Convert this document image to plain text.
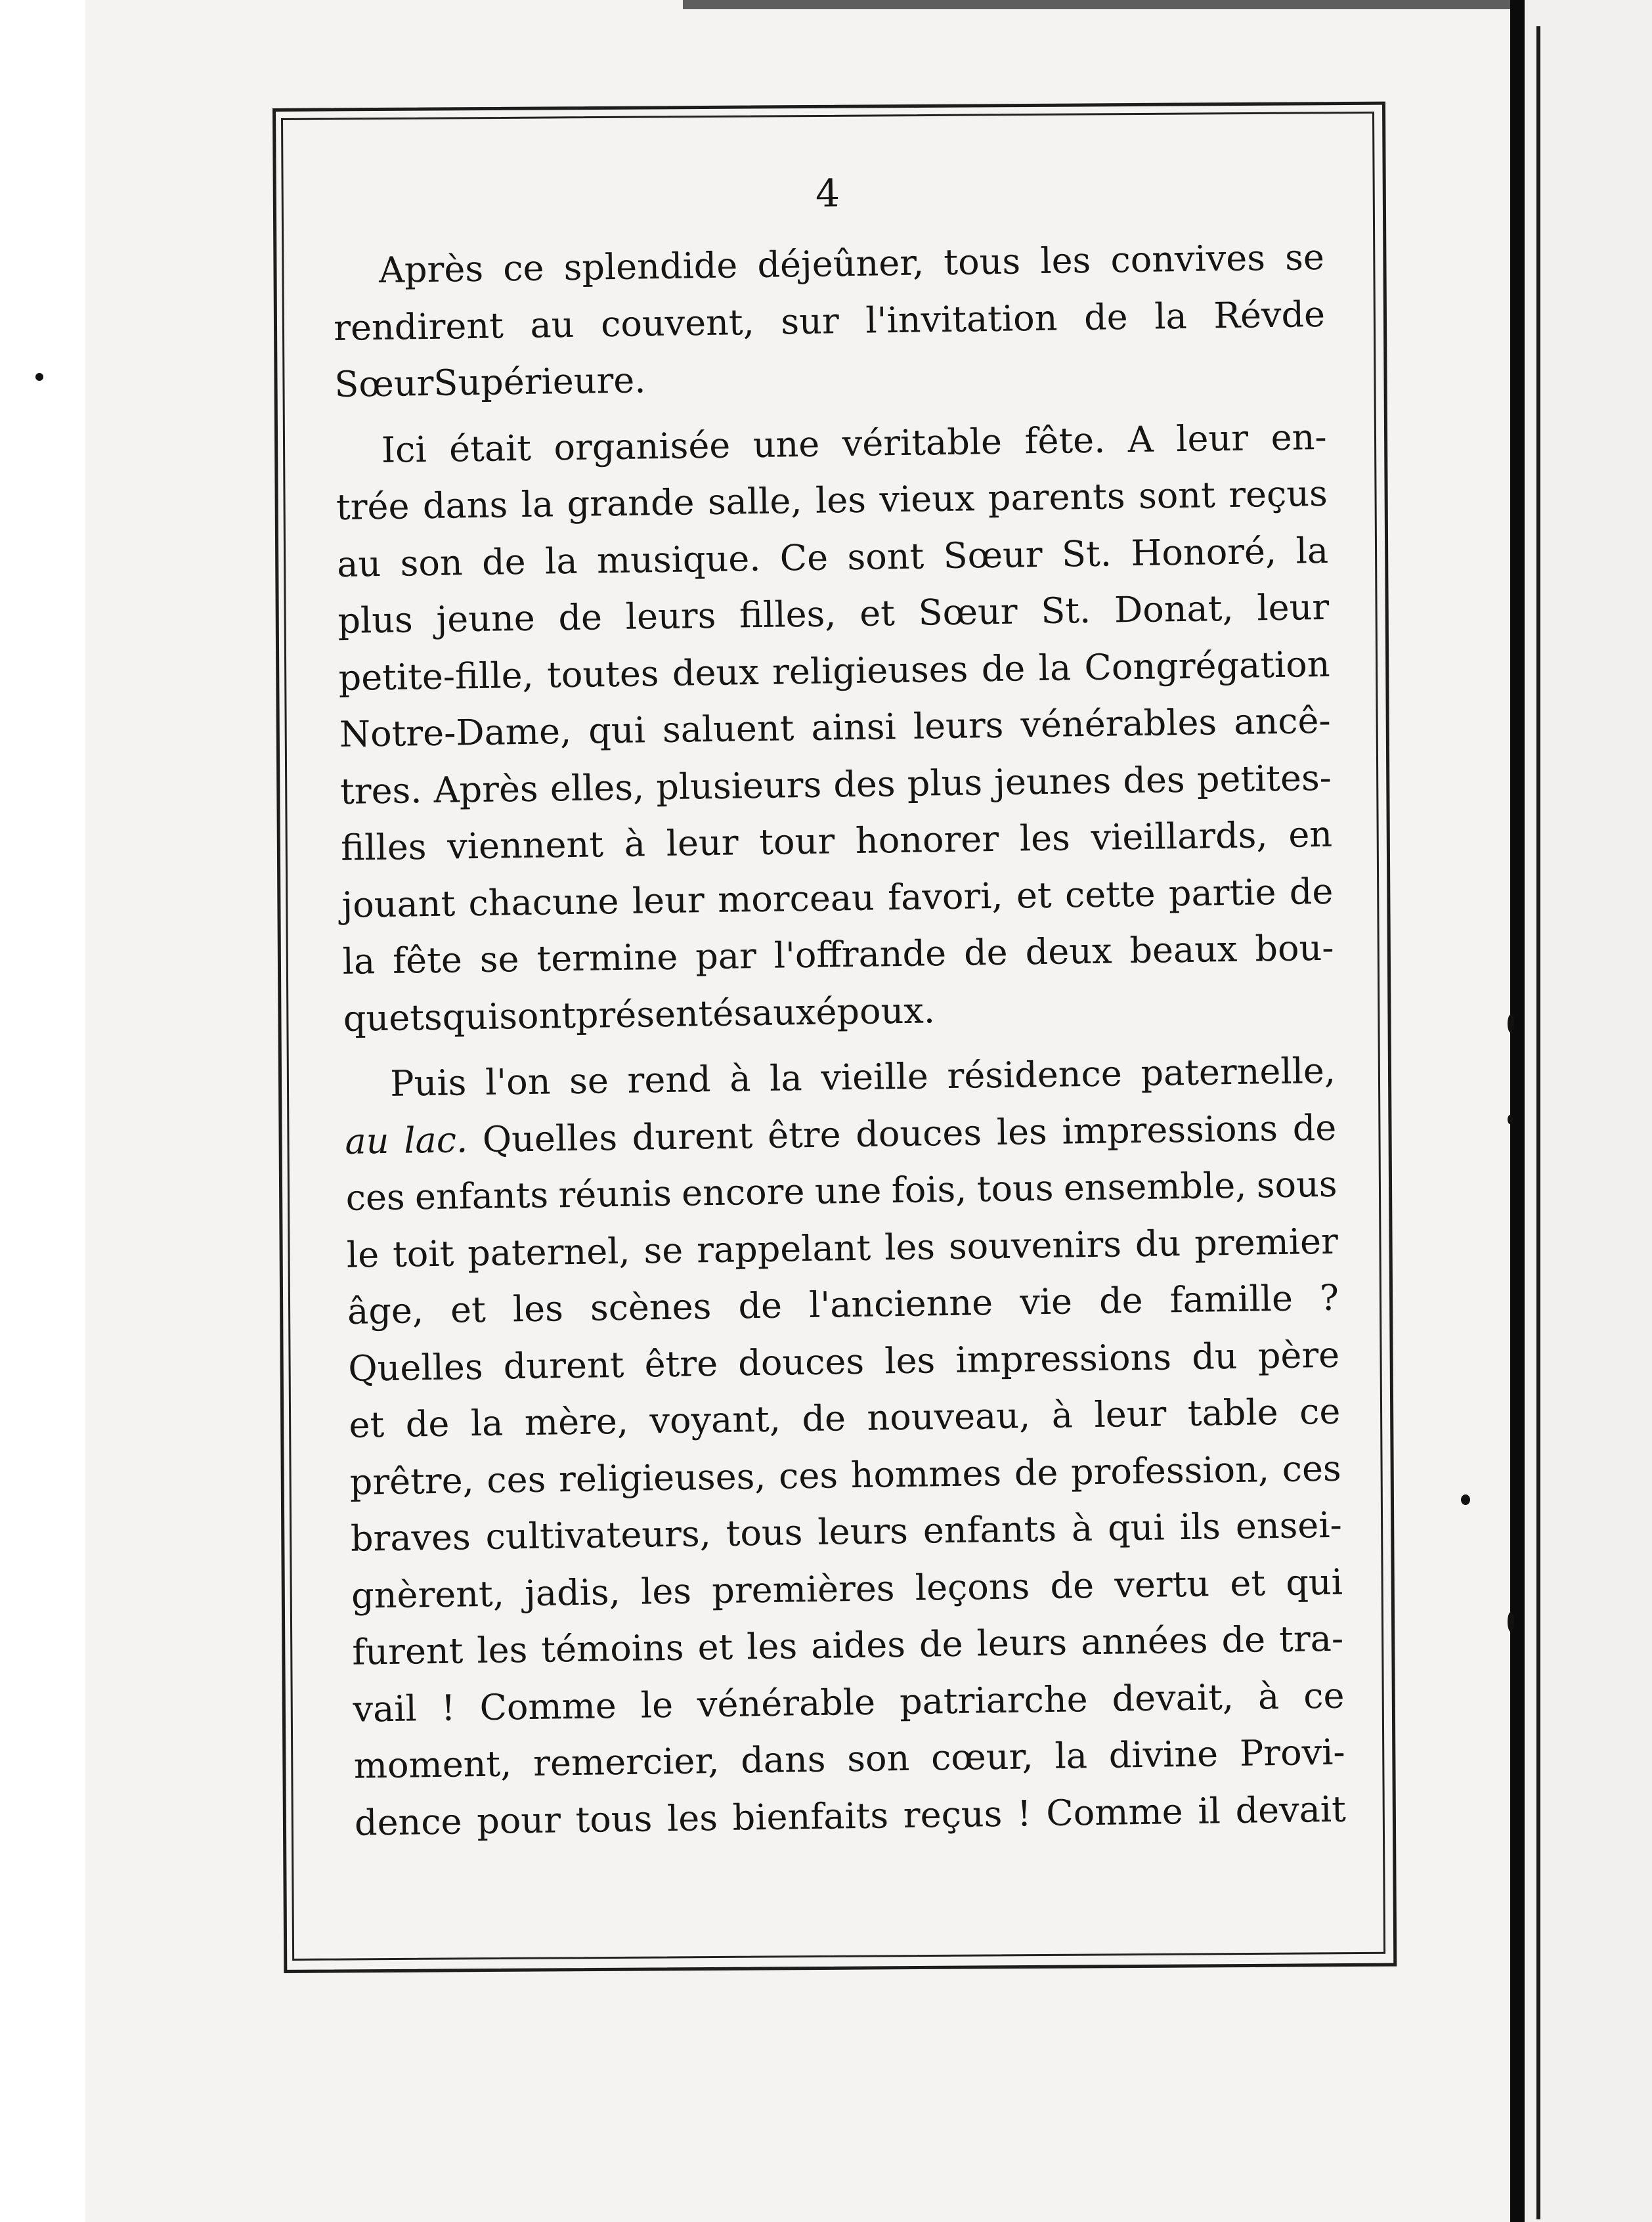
4
Après ce splendide déjeûner, tous les convives se
rendirent au couvent, sur l'invitation de la Révde
Sœur Supérieure.
Ici était organisée une véritable fête. A leur en-
trée dans la grande salle, les vieux parents sont reçus
au son de la musique. Ce sont Sœur St. Honoré, la
plus jeune de leurs filles, et Sœur St. Donat, leur
petite-fille, toutes deux religieuses de la Congrégation
Notre-Dame, qui saluent ainsi leurs vénérables ancê-
tres. Après elles, plusieurs des plus jeunes des petites-
filles viennent à leur tour honorer les vieillards, en
jouant chacune leur morceau favori, et cette partie de
la fête se termine par l'offrande de deux beaux bou-
quets qui sont présentés aux époux.
Puis l'on se rend à la vieille résidence paternelle,
au lac. Quelles durent être douces les impressions de
ces enfants réunis encore une fois, tous ensemble, sous
le toit paternel, se rappelant les souvenirs du premier
âge, et les scènes de l'ancienne vie de famille ?
Quelles durent être douces les impressions du père
et de la mère, voyant, de nouveau, à leur table ce
prêtre, ces religieuses, ces hommes de profession, ces
braves cultivateurs, tous leurs enfants à qui ils ensei-
gnèrent, jadis, les premières leçons de vertu et qui
furent les témoins et les aides de leurs années de tra-
vail ! Comme le vénérable patriarche devait, à ce
moment, remercier, dans son cœur, la divine Provi-
dence pour tous les bienfaits reçus ! Comme il devait
